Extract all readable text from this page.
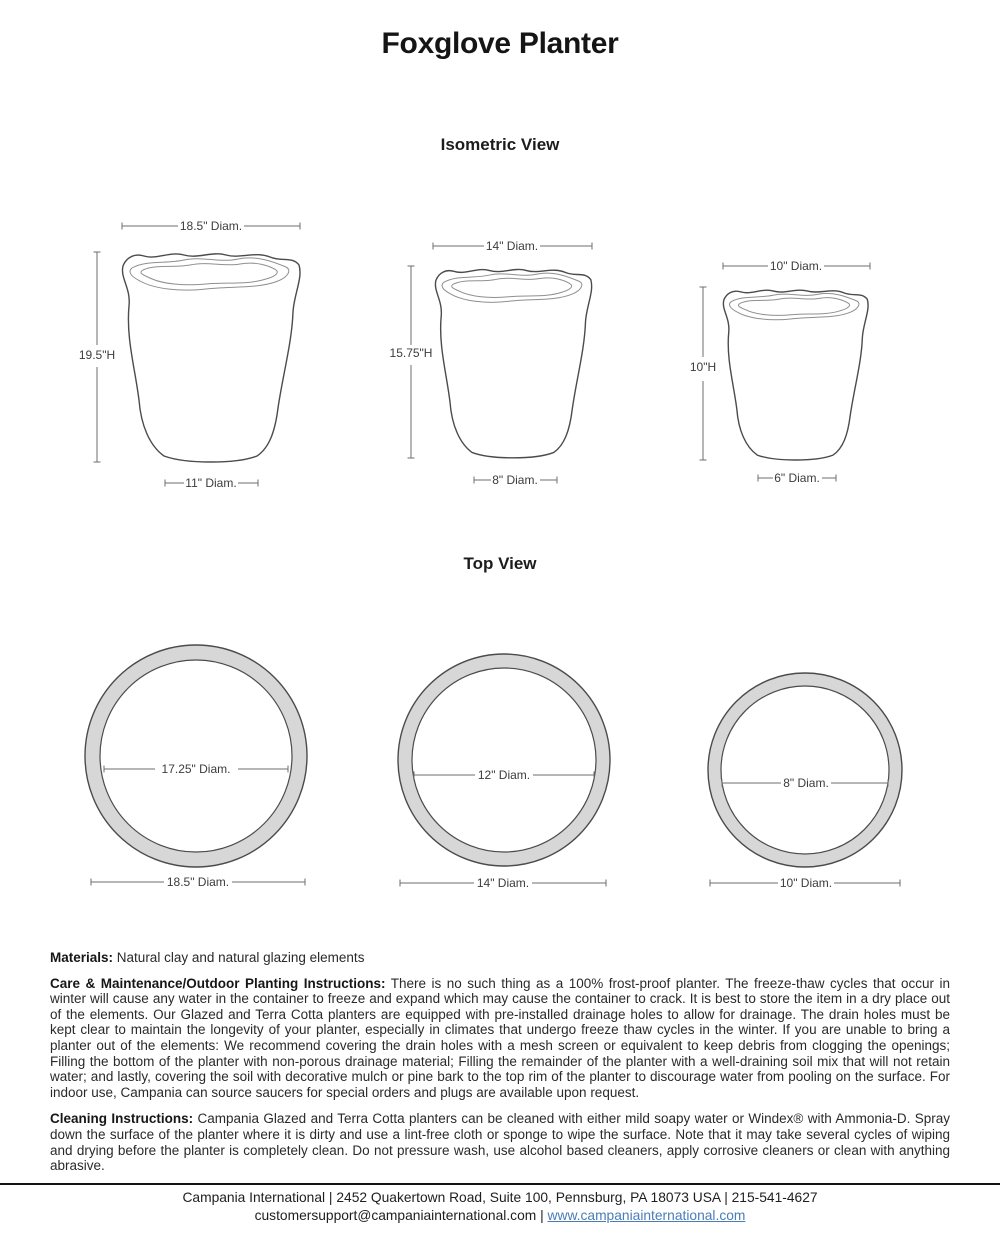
Foxglove Planter
Isometric View
18.5" Diam.
19.5"H
11" Diam.
14" Diam.
15.75"H
8" Diam.
10" Diam.
10"H
6" Diam.
Top View
17.25" Diam.
18.5" Diam.
12" Diam.
14" Diam.
8" Diam.
10" Diam.

Materials: Natural clay and natural glazing elements

Care & Maintenance/Outdoor Planting Instructions: There is no such thing as a 100% frost-proof planter. The freeze-thaw cycles that occur in winter will cause any water in the container to freeze and expand which may cause the container to crack. It is best to store the item in a dry place out of the elements. Our Glazed and Terra Cotta planters are equipped with pre-installed drainage holes to allow for drainage. The drain holes must be kept clear to maintain the longevity of your planter, especially in climates that undergo freeze thaw cycles in the winter. If you are unable to bring a planter out of the elements: We recommend covering the drain holes with a mesh screen or equivalent to keep debris from clogging the openings; Filling the bottom of the planter with non-porous drainage material; Filling the remainder of the planter with a well-draining soil mix that will not retain water; and lastly, covering the soil with decorative mulch or pine bark to the top rim of the planter to discourage water from pooling on the surface. For indoor use, Campania can source saucers for special orders and plugs are available upon request.

Cleaning Instructions: Campania Glazed and Terra Cotta planters can be cleaned with either mild soapy water or Windex® with Ammonia-D. Spray down the surface of the planter where it is dirty and use a lint-free cloth or sponge to wipe the surface. Note that it may take several cycles of wiping and drying before the planter is completely clean. Do not pressure wash, use alcohol based cleaners, apply corrosive cleaners or clean with anything abrasive.

Campania International | 2452 Quakertown Road, Suite 100, Pennsburg, PA 18073 USA | 215-541-4627
customersupport@campaniainternational.com | www.campaniainternational.com
